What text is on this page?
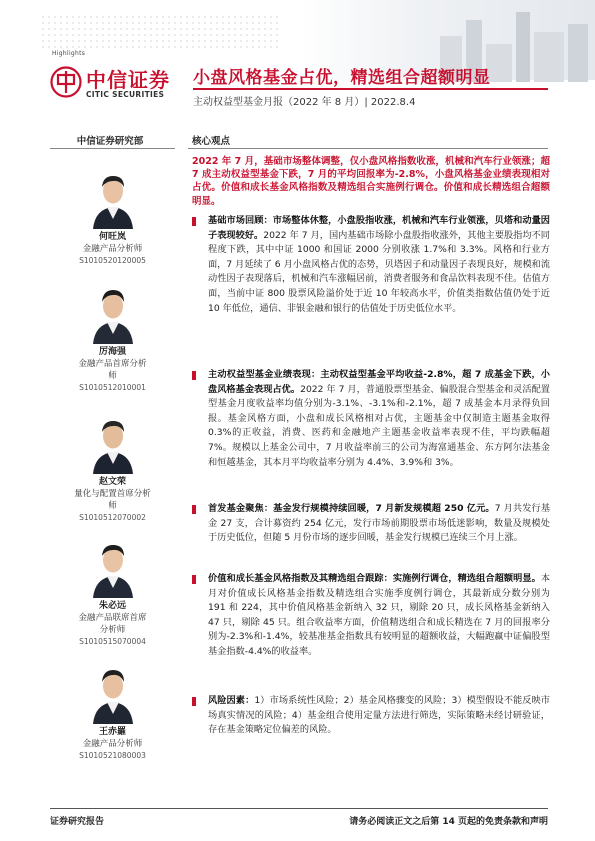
Highlights
中信证券
CITIC SECURITIES
小盘风格基金占优，精选组合超额明显
主动权益型基金月报（2022 年 8 月）| 2022.8.4
中信证券研究部	核心观点
何旺岚
金融产品分析师
S1010520120005
厉海强
金融产品首席分析
师
S1010512010001
赵文荣
量化与配置首席分析
师
S1010512070002
朱必远
金融产品联席首席
分析师
S1010515070004
王赤羅
金融产品分析师
S1010521080003
2022 年 7 月，基础市场整体调整，仅小盘风格指数收涨，机械和汽车行业领涨；超 7 成主动权益型基金下跌，7 月的平均回报率为-2.8%，小盘风格基金业绩表现相对占优。价值和成长基金风格指数及精选组合实施例行调仓。价值和成长精选组合超额明显。
基础市场回顾：市场整体休整，小盘股指收涨，机械和汽车行业领涨，贝塔和动量因子表现较好。2022 年 7 月，国内基础市场除小盘股指收涨外，其他主要股指均不同程度下跌，其中中证 1000 和国证 2000 分别收涨 1.7%和 3.3%。风格和行业方面，7 月延续了 6 月小盘风格占优的态势，贝塔因子和动量因子表现良好，规模和流动性因子表现落后，机械和汽车涨幅居前，消费者服务和食品饮料表现不佳。估值方面，当前中证 800 股票风险溢价处于近 10 年较高水平，价值类指数估值仍处于近 10 年低位，通信、非银金融和银行的估值处于历史低位水平。
主动权益型基金业绩表现：主动权益型基金平均收益-2.8%，超 7 成基金下跌，小盘风格基金表现占优。2022 年 7 月，普通股票型基金、偏股混合型基金和灵活配置型基金月度收益率均值分别为-3.1%、-3.1%和-2.1%，超 7 成基金本月录得负回报。基金风格方面，小盘和成长风格相对占优，主题基金中仅制造主题基金取得 0.3%的正收益，消费、医药和金融地产主题基金收益率表现不佳，平均跌幅超 7%。规模以上基金公司中，7 月收益率前三的公司为海富通基金、东方阿尔法基金和恒越基金，其本月平均收益率分别为 4.4%、3.9%和 3%。
首发基金聚焦：基金发行规模持续回暖，7 月新发规模超 250 亿元。7 月共发行基金 27 支，合计募资约 254 亿元，发行市场前期股票市场低迷影响，数量及规模处于历史低位，但随 5 月份市场的逐步回暖，基金发行规模已连续三个月上涨。
价值和成长基金风格指数及其精选组合跟踪：实施例行调仓，精选组合超额明显。本月对价值成长风格基金指数及精选组合实施季度例行调仓，其最新成分数分别为 191 和 224，其中价值风格基金新纳入 32 只，剔除 20 只，成长风格基金新纳入 47 只，剔除 45 只。组合收益率方面，价值精选组合和成长精选在 7 月的回报率分别为-2.3%和-1.4%，较基准基金指数具有较明显的超额收益，大幅跑赢中证偏股型基金指数-4.4%的收益率。
风险因素：1）市场系统性风险；2）基金风格骤变的风险；3）模型假设不能反映市场真实情况的风险；4）基金组合使用定量方法进行筛选，实际策略未经讨研验证，存在基金策略定位偏差的风险。
证券研究报告	请务必阅读正文之后第 14 页起的免责条款和声明
